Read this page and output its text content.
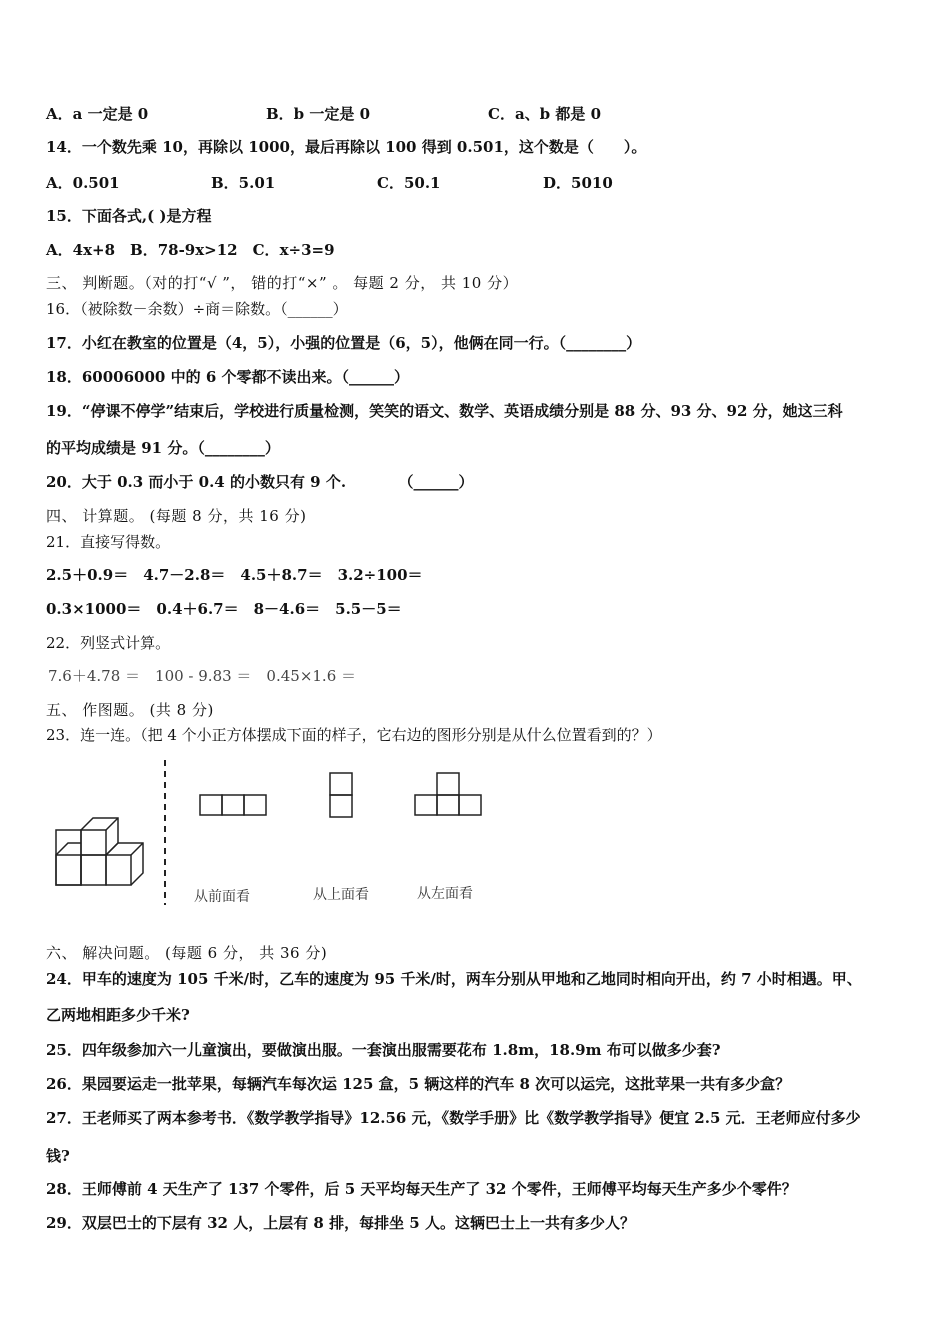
A．a 一定是 0	B．b 一定是 0	C．a、b 都是 0
14．一个数先乘 10，再除以 1000，最后再除以 100 得到 0.501，这个数是（　　）。
A．0.501	B．5.01	C．50.1	D．5010
15．下面各式,( )是方程
A．4x+8　B．78-9x>12　C．x÷3=9
三、 判断题。（对的打“√ ”， 错的打“×” 。 每题 2 分， 共 10 分）
16．（被除数－余数）÷商＝除数。（______）
17．小红在教室的位置是（4，5），小强的位置是（6，5），他俩在同一行。（________）
18．60006000 中的 6 个零都不读出来。（______）
19．“停课不停学”结束后，学校进行质量检测，笑笑的语文、数学、英语成绩分别是 88 分、93 分、92 分，她这三科
的平均成绩是 91 分。（________）
20．大于 0.3 而小于 0.4 的小数只有 9 个.　　　　（______）
四、 计算题。 (每题 8 分，共 16 分)
21．直接写得数。
2.5＋0.9＝　4.7－2.8＝　4.5＋8.7＝　3.2÷100＝
0.3×1000＝　0.4＋6.7＝　8－4.6＝　5.5－5＝
22．列竖式计算。
7.6＋4.78 ＝　100 - 9.83 ＝　0.45×1.6 ＝
五、 作图题。 (共 8 分)
23．连一连。（把 4 个小正方体摆成下面的样子，它右边的图形分别是从什么位置看到的？）
从前面看	从上面看	从左面看
六、 解决问题。 (每题 6 分， 共 36 分)
24．甲车的速度为 105 千米/时，乙车的速度为 95 千米/时，两车分别从甲地和乙地同时相向开出，约 7 小时相遇。甲、
乙两地相距多少千米?
25．四年级参加六一儿童演出，要做演出服。一套演出服需要花布 1.8m，18.9m 布可以做多少套?
26．果园要运走一批苹果，每辆汽车每次运 125 盒，5 辆这样的汽车 8 次可以运完，这批苹果一共有多少盒？
27．王老师买了两本参考书．《数学教学指导》12.56 元，《数学手册》比《数学教学指导》便宜 2.5 元．王老师应付多少
钱?
28．王师傅前 4 天生产了 137 个零件，后 5 天平均每天生产了 32 个零件，王师傅平均每天生产多少个零件？
29．双层巴士的下层有 32 人，上层有 8 排，每排坐 5 人。这辆巴士上一共有多少人？
